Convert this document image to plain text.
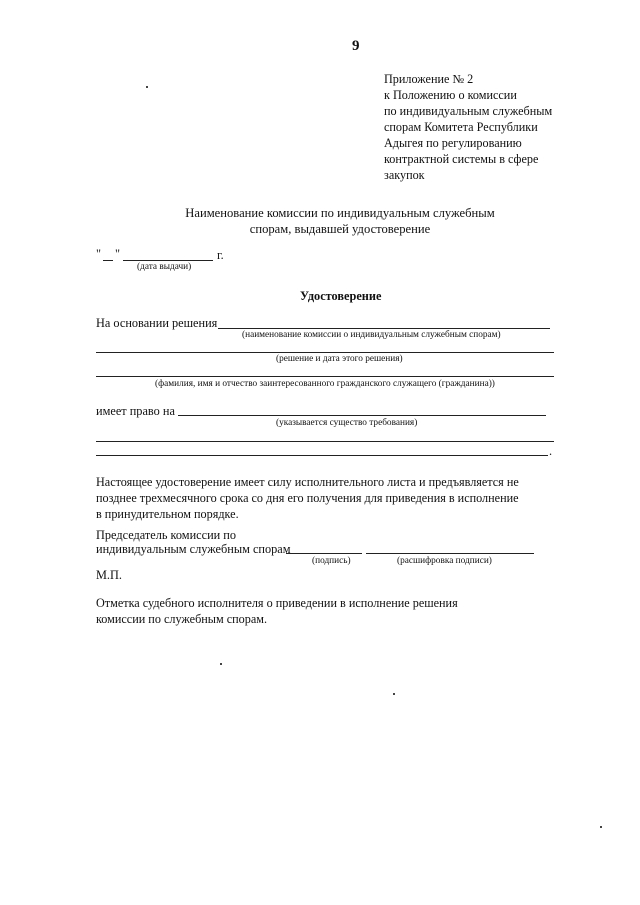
9
Приложение № 2
к Положению о комиссии
по индивидуальным служебным
спорам Комитета Республики
Адыгея по регулированию
контрактной системы в сфере
закупок
Наименование комиссии по индивидуальным служебным
спорам, выдавшей удостоверение
" "	г.
(дата выдачи)
Удостоверение
На основании решения
(наименование комиссии о индивидуальным служебным спорам)
(решение и дата этого решения)
(фамилия, имя и отчество заинтересованного гражданского служащего (гражданина))
имеет право на
(указывается существо требования)
.
Настоящее удостоверение имеет силу исполнительного листа и предъявляется не
позднее трехмесячного срока со дня его получения для приведения в исполнение
в принудительном порядке.
Председатель комиссии по
индивидуальным служебным спорам
(подпись)	(расшифровка подписи)
М.П.
Отметка судебного исполнителя о приведении в исполнение решения
комиссии по служебным спорам.
